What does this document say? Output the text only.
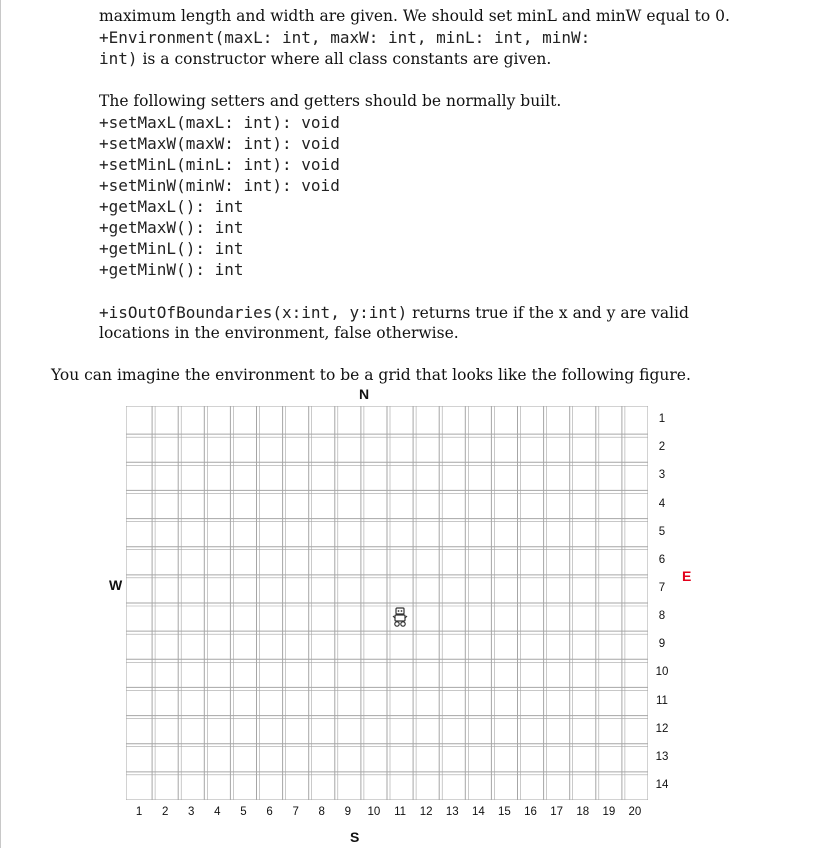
maximum length and width are given. We should set minL and minW equal to 0.
+Environment(maxL: int, maxW: int, minL: int, minW:
int) is a constructor where all class constants are given.
The following setters and getters should be normally built.
+setMaxL(maxL: int): void
+setMaxW(maxW: int): void
+setMinL(minL: int): void
+setMinW(minW: int): void
+getMaxL(): int
+getMaxW(): int
+getMinL(): int
+getMinW(): int
+isOutOfBoundaries(x:int, y:int) returns true if the x and y are valid
locations in the environment, false otherwise.
You can imagine the environment to be a grid that looks like the following figure.
N
S
W
E
1	2	3	4	5	6	7	8	9	10	11	12	13	14	15	16	17	18	19	20
1
2
3
4
5
6
7
8
9
10
11
12
13
14
